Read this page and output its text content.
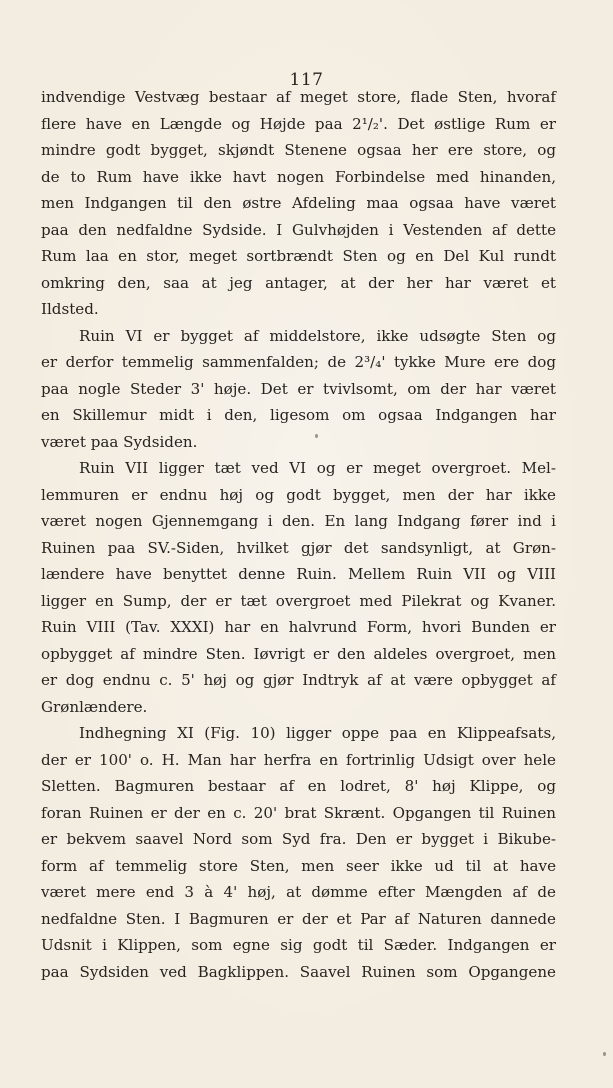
117
indvendige Vestvæg bestaar af meget store, flade Sten, hvoraf
flere have en Længde og Højde paa 2¹/₂'. Det østlige Rum er
mindre godt bygget, skjøndt Stenene ogsaa her ere store, og
de to Rum have ikke havt nogen Forbindelse med hinanden,
men Indgangen til den østre Afdeling maa ogsaa have været
paa den nedfaldne Sydside. I Gulvhøjden i Vestenden af dette
Rum laa en stor, meget sortbrændt Sten og en Del Kul rundt
omkring den, saa at jeg antager, at der her har været et
Ildsted.
Ruin VI er bygget af middelstore, ikke udsøgte Sten og
er derfor temmelig sammenfalden; de 2³/₄' tykke Mure ere dog
paa nogle Steder 3' høje. Det er tvivlsomt, om der har været
en Skillemur midt i den, ligesom om ogsaa Indgangen har
været paa Sydsiden.
Ruin VII ligger tæt ved VI og er meget overgroet. Mel-
lemmuren er endnu høj og godt bygget, men der har ikke
været nogen Gjennemgang i den. En lang Indgang fører ind i
Ruinen paa SV.-Siden, hvilket gjør det sandsynligt, at Grøn-
lændere have benyttet denne Ruin. Mellem Ruin VII og VIII
ligger en Sump, der er tæt overgroet med Pilekrat og Kvaner.
Ruin VIII (Tav. XXXI) har en halvrund Form, hvori Bunden er
opbygget af mindre Sten. Iøvrigt er den aldeles overgroet, men
er dog endnu c. 5' høj og gjør Indtryk af at være opbygget af
Grønlændere.
Indhegning XI (Fig. 10) ligger oppe paa en Klippeafsats,
der er 100' o. H. Man har herfra en fortrinlig Udsigt over hele
Sletten. Bagmuren bestaar af en lodret, 8' høj Klippe, og
foran Ruinen er der en c. 20' brat Skrænt. Opgangen til Ruinen
er bekvem saavel Nord som Syd fra. Den er bygget i Bikube-
form af temmelig store Sten, men seer ikke ud til at have
været mere end 3 à 4' høj, at dømme efter Mængden af de
nedfaldne Sten. I Bagmuren er der et Par af Naturen dannede
Udsnit i Klippen, som egne sig godt til Sæder. Indgangen er
paa Sydsiden ved Bagklippen. Saavel Ruinen som Opgangene
